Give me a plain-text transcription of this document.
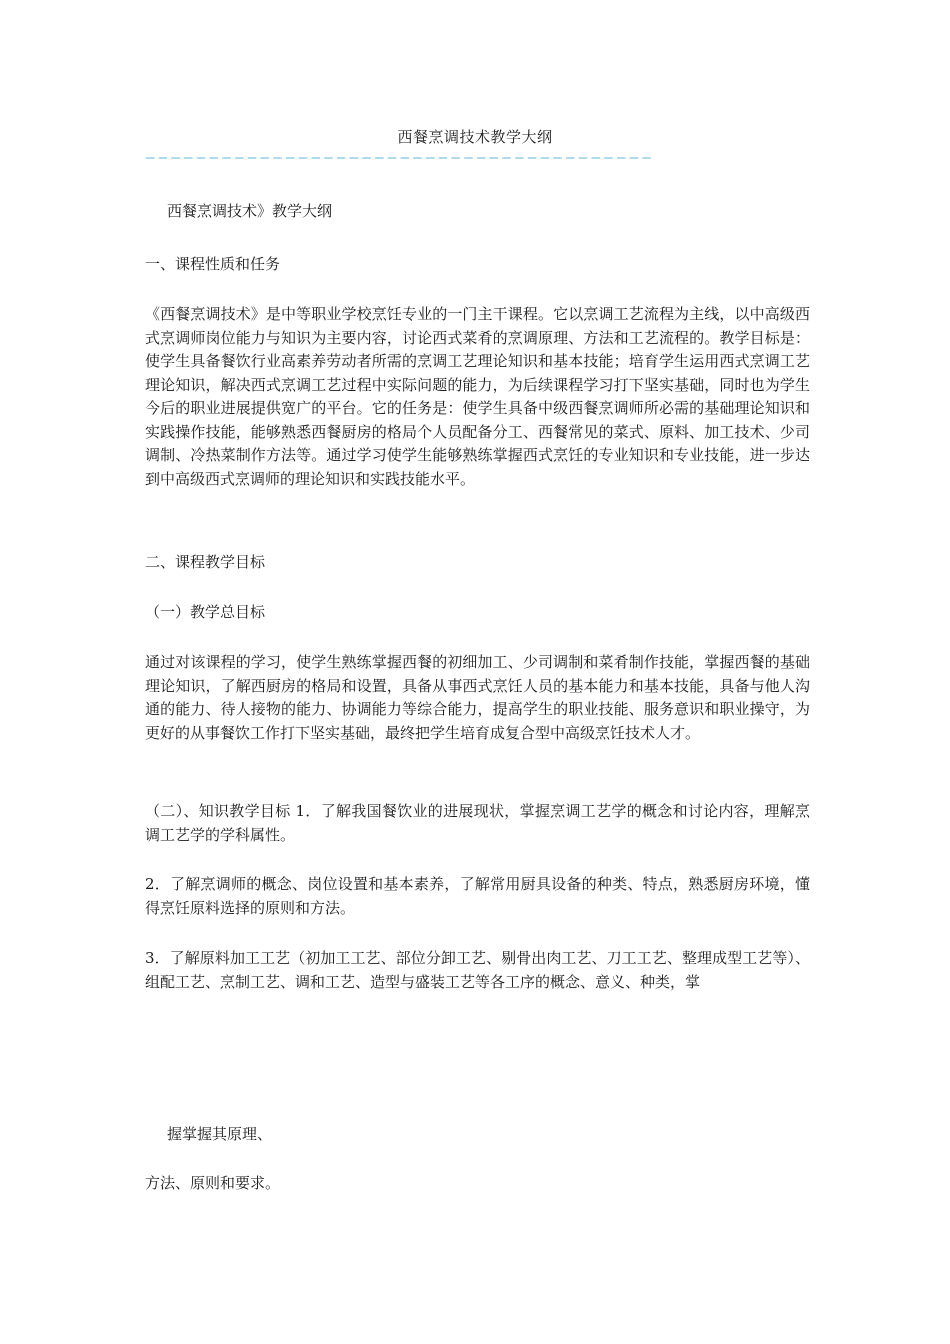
西餐烹调技术教学大纲
————————————————————————————————————————
西餐烹调技术》教学大纲
一、课程性质和任务
《西餐烹调技术》是中等职业学校烹饪专业的一门主干课程。它以烹调工艺流程为主线，以中高级西式烹调师岗位能力与知识为主要内容，讨论西式菜肴的烹调原理、方法和工艺流程的。教学目标是：使学生具备餐饮行业高素养劳动者所需的烹调工艺理论知识和基本技能；培育学生运用西式烹调工艺理论知识，解决西式烹调工艺过程中实际问题的能力，为后续课程学习打下坚实基础，同时也为学生今后的职业进展提供宽广的平台。它的任务是：使学生具备中级西餐烹调师所必需的基础理论知识和实践操作技能，能够熟悉西餐厨房的格局个人员配备分工、西餐常见的菜式、原料、加工技术、少司调制、冷热菜制作方法等。通过学习使学生能够熟练掌握西式烹饪的专业知识和专业技能，进一步达到中高级西式烹调师的理论知识和实践技能水平。
二、课程教学目标
（一）教学总目标
通过对该课程的学习，使学生熟练掌握西餐的初细加工、少司调制和菜肴制作技能，掌握西餐的基础理论知识，了解西厨房的格局和设置，具备从事西式烹饪人员的基本能力和基本技能，具备与他人沟通的能力、待人接物的能力、协调能力等综合能力，提高学生的职业技能、服务意识和职业操守，为更好的从事餐饮工作打下坚实基础，最终把学生培育成复合型中高级烹饪技术人才。
（二）、知识教学目标 1．了解我国餐饮业的进展现状，掌握烹调工艺学的概念和讨论内容，理解烹调工艺学的学科属性。
2．了解烹调师的概念、岗位设置和基本素养，了解常用厨具设备的种类、特点，熟悉厨房环境，懂得烹饪原料选择的原则和方法。
3．了解原料加工工艺（初加工工艺、部位分卸工艺、剔骨出肉工艺、刀工工艺、整理成型工艺等）、组配工艺、烹制工艺、调和工艺、造型与盛装工艺等各工序的概念、意义、种类，掌
握掌握其原理、
方法、原则和要求。
